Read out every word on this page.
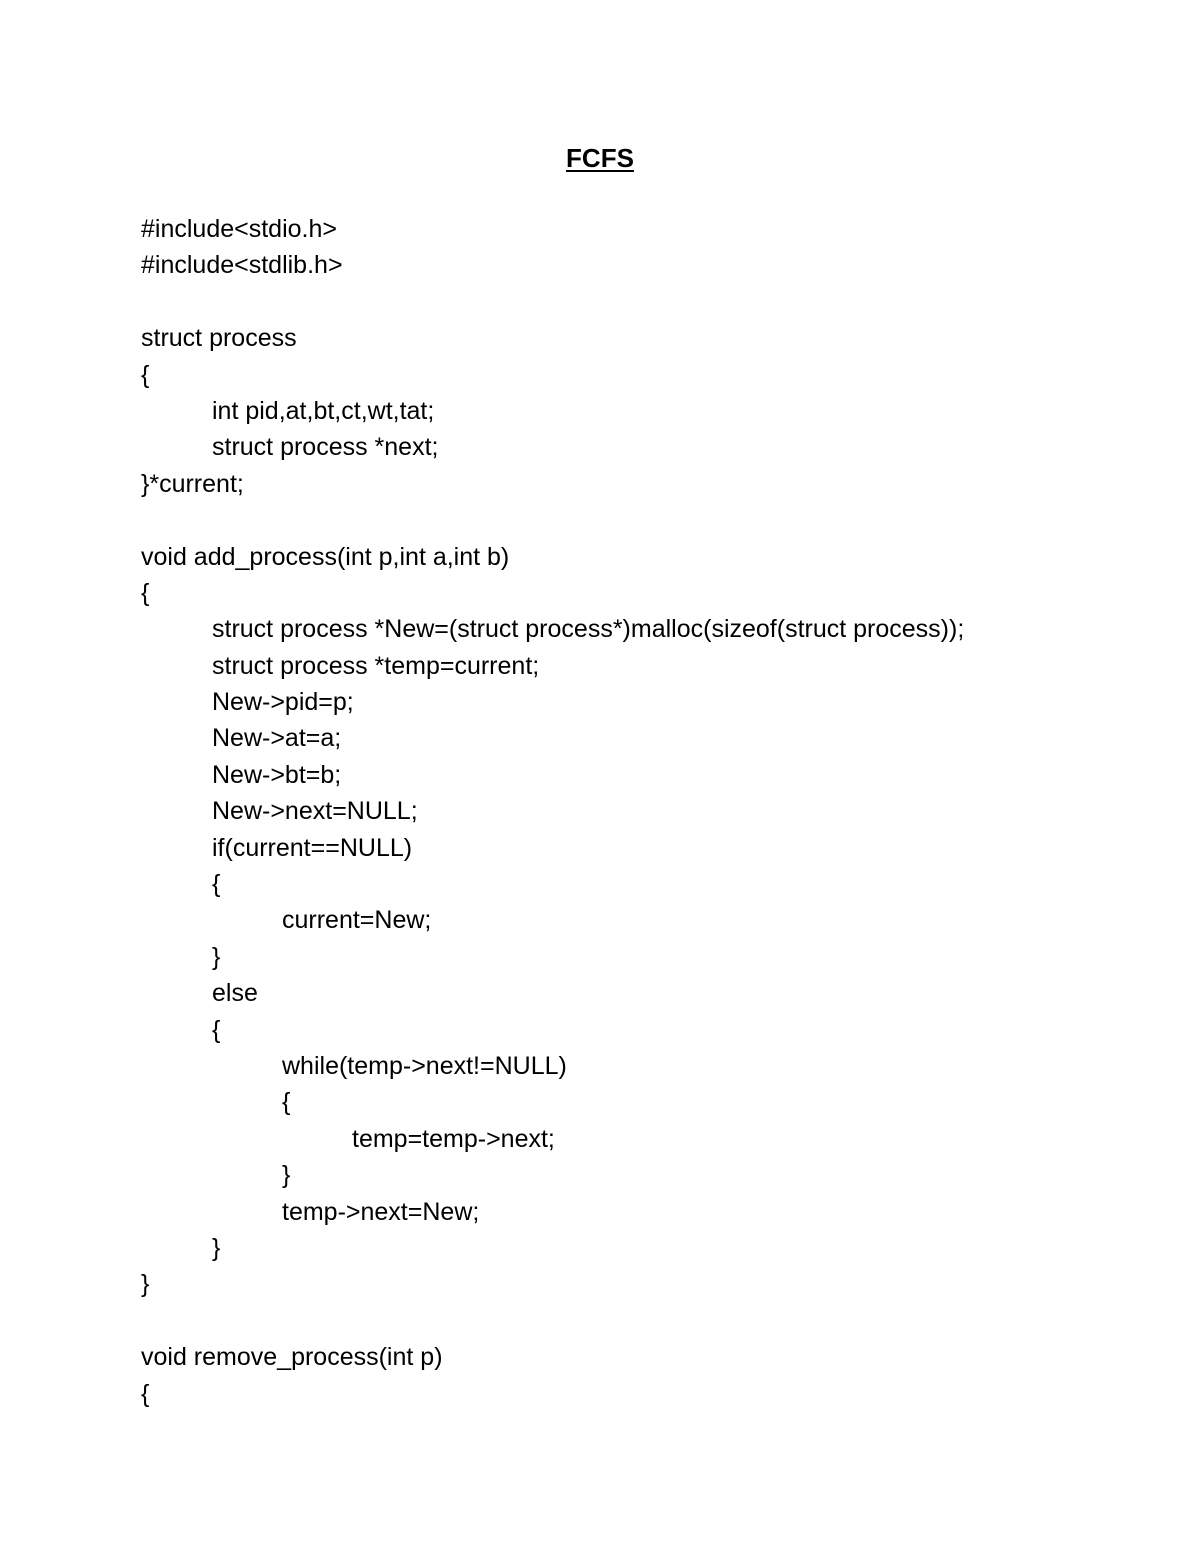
FCFS
#include<stdio.h>
#include<stdlib.h>
struct process
{
int pid,at,bt,ct,wt,tat;
struct process *next;
}*current;
void add_process(int p,int a,int b)
{
struct process *New=(struct process*)malloc(sizeof(struct process));
struct process *temp=current;
New->pid=p;
New->at=a;
New->bt=b;
New->next=NULL;
if(current==NULL)
{
current=New;
}
else
{
while(temp->next!=NULL)
{
temp=temp->next;
}
temp->next=New;
}
}
void remove_process(int p)
{
